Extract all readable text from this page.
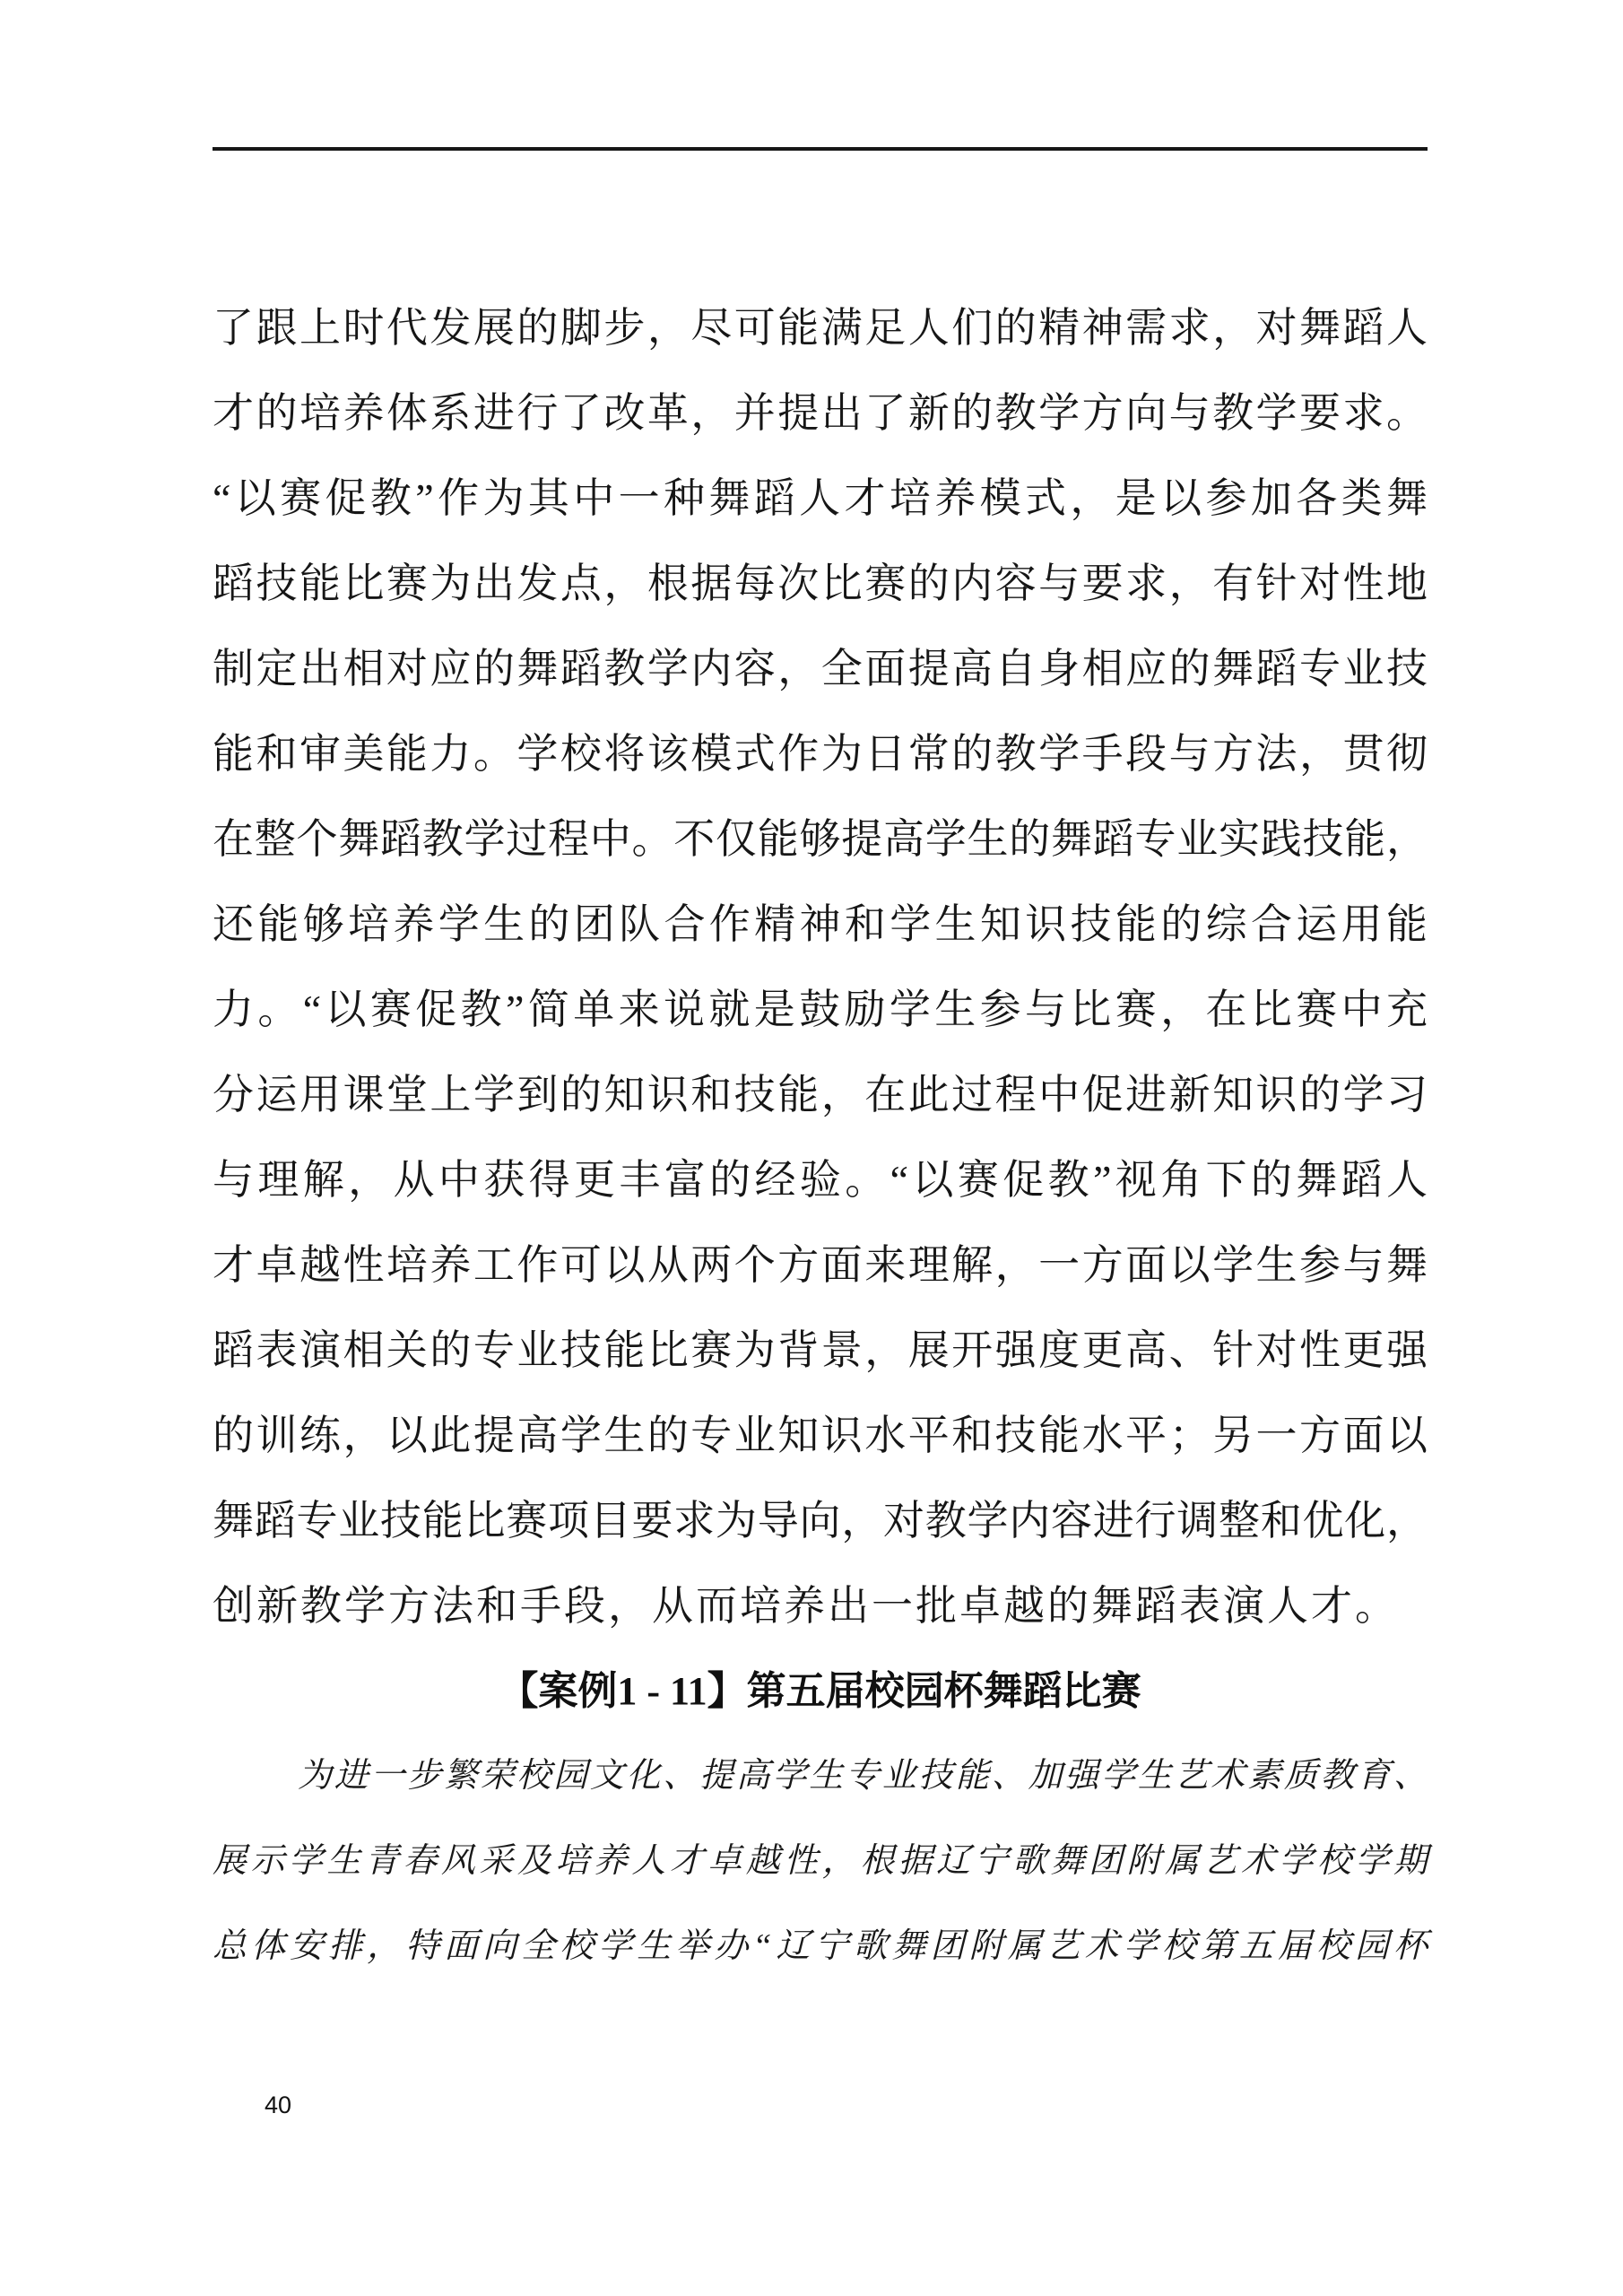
了跟上时代发展的脚步，尽可能满足人们的精神需求，对舞蹈人
才的培养体系进行了改革，并提出了新的教学方向与教学要求。
“以赛促教”作为其中一种舞蹈人才培养模式，是以参加各类舞
蹈技能比赛为出发点，根据每次比赛的内容与要求，有针对性地
制定出相对应的舞蹈教学内容，全面提高自身相应的舞蹈专业技
能和审美能力。学校将该模式作为日常的教学手段与方法，贯彻
在整个舞蹈教学过程中。不仅能够提高学生的舞蹈专业实践技能，
还能够培养学生的团队合作精神和学生知识技能的综合运用能
力。“以赛促教”简单来说就是鼓励学生参与比赛，在比赛中充
分运用课堂上学到的知识和技能，在此过程中促进新知识的学习
与理解，从中获得更丰富的经验。“以赛促教”视角下的舞蹈人
才卓越性培养工作可以从两个方面来理解，一方面以学生参与舞
蹈表演相关的专业技能比赛为背景，展开强度更高、针对性更强
的训练，以此提高学生的专业知识水平和技能水平；另一方面以
舞蹈专业技能比赛项目要求为导向，对教学内容进行调整和优化，
创新教学方法和手段，从而培养出一批卓越的舞蹈表演人才。
【案例1 - 11】第五届校园杯舞蹈比赛
为进一步繁荣校园文化、提高学生专业技能、加强学生艺术素质教育、
展示学生青春风采及培养人才卓越性，根据辽宁歌舞团附属艺术学校学期
总体安排，特面向全校学生举办“辽宁歌舞团附属艺术学校第五届校园杯
40
